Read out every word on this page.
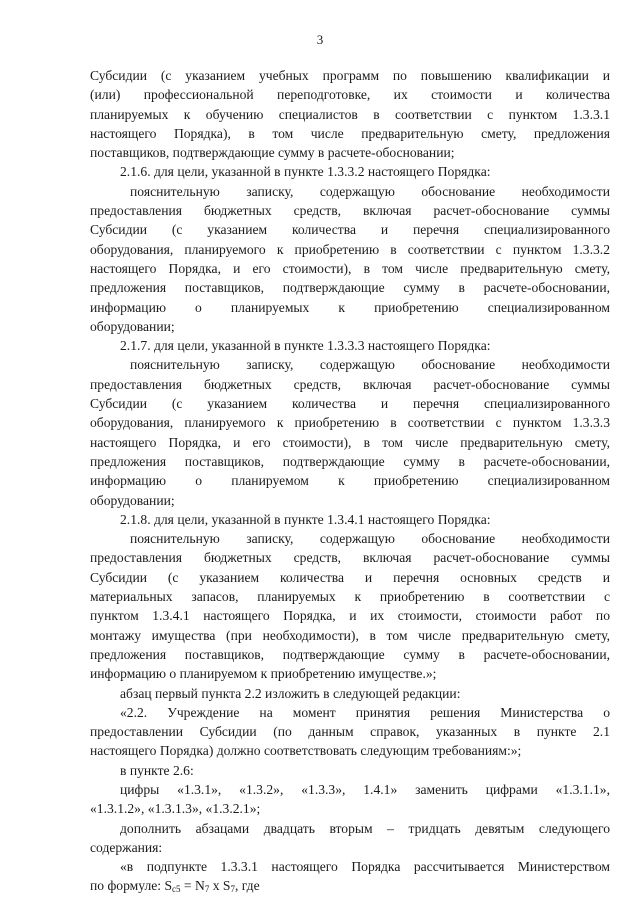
3
Субсидии (с указанием учебных программ по повышению квалификации и
(или) профессиональной переподготовке, их стоимости и количества
планируемых к обучению специалистов в соответствии с пунктом 1.3.3.1
настоящего Порядка), в том числе предварительную смету, предложения
поставщиков, подтверждающие сумму в расчете-обосновании;
2.1.6. для цели, указанной в пункте 1.3.3.2 настоящего Порядка:
пояснительную записку, содержащую обоснование необходимости
предоставления бюджетных средств, включая расчет-обоснование суммы
Субсидии (с указанием количества и перечня специализированного
оборудования, планируемого к приобретению в соответствии с пунктом 1.3.3.2
настоящего Порядка, и его стоимости), в том числе предварительную смету,
предложения поставщиков, подтверждающие сумму в расчете-обосновании,
информацию о планируемых к приобретению специализированном
оборудовании;
2.1.7. для цели, указанной в пункте 1.3.3.3 настоящего Порядка:
пояснительную записку, содержащую обоснование необходимости
предоставления бюджетных средств, включая расчет-обоснование суммы
Субсидии (с указанием количества и перечня специализированного
оборудования, планируемого к приобретению в соответствии с пунктом 1.3.3.3
настоящего Порядка, и его стоимости), в том числе предварительную смету,
предложения поставщиков, подтверждающие сумму в расчете-обосновании,
информацию о планируемом к приобретению специализированном
оборудовании;
2.1.8. для цели, указанной в пункте 1.3.4.1 настоящего Порядка:
пояснительную записку, содержащую обоснование необходимости
предоставления бюджетных средств, включая расчет-обоснование суммы
Субсидии (с указанием количества и перечня основных средств и
материальных запасов, планируемых к приобретению в соответствии с
пунктом 1.3.4.1 настоящего Порядка, и их стоимости, стоимости работ по
монтажу имущества (при необходимости), в том числе предварительную смету,
предложения поставщиков, подтверждающие сумму в расчете-обосновании,
информацию о планируемом к приобретению имуществе.»;
абзац первый пункта 2.2 изложить в следующей редакции:
«2.2. Учреждение на момент принятия решения Министерства о
предоставлении Субсидии (по данным справок, указанных в пункте 2.1
настоящего Порядка) должно соответствовать следующим требованиям:»;
в пункте 2.6:
цифры «1.3.1», «1.3.2», «1.3.3», 1.4.1» заменить цифрами «1.3.1.1»,
«1.3.1.2», «1.3.1.3», «1.3.2.1»;
дополнить абзацами двадцать вторым – тридцать девятым следующего
содержания:
«в подпункте 1.3.3.1 настоящего Порядка рассчитывается Министерством
по формуле: $S_{c5} = N_7$ х $S_7$, где
